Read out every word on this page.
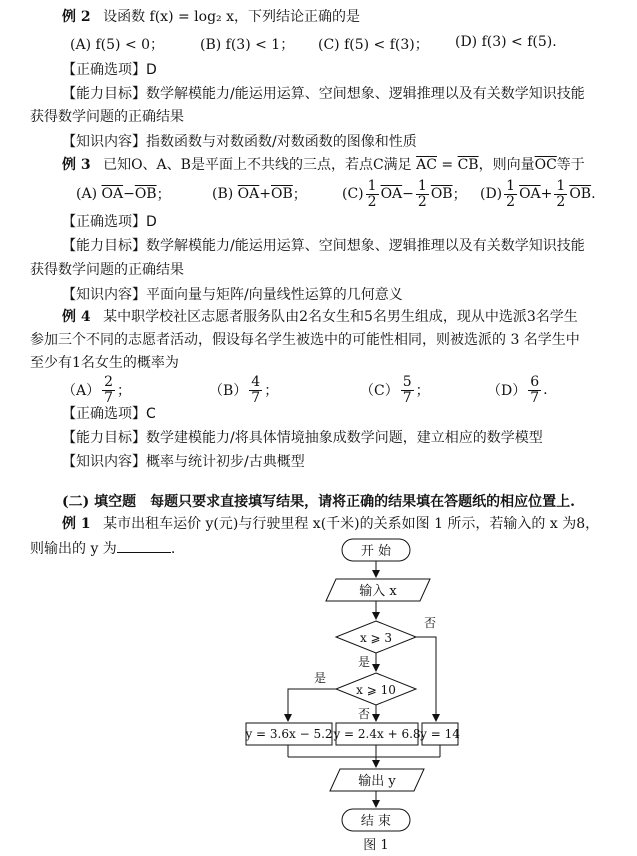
例 2 设函数 f(x) = log₂ x，下列结论正确的是
(A) f(5) < 0；	(B) f(3) < 1； (C) f(5) < f(3)； (D) f(3) < f(5).
【正确选项】D
【能力目标】数学解模能力/能运用运算、空间想象、逻辑推理以及有关数学知识技能
获得数学问题的正确结果
【知识内容】指数函数与对数函数/对数函数的图像和性质
例 3 已知O、A、B是平面上不共线的三点，若点C满足 $\overline{AC} = \overline{CB}$，则向量$\overline{OC}$等于
(A)
$\overline{OA} - \overline{OB}$ ；	(B)
$\overline{OA} + \overline{OB}$ ；	$(C) \frac{1}{2} \overline{OA} - \frac{1}{2} \overline{OB}$ ； $(D) \frac{1}{2} \overline{OA} + \frac{1}{2} \overline{OB}$ .
【正确选项】D
【能力目标】数学解模能力/能运用运算、空间想象、逻辑推理以及有关数学知识技能
获得数学问题的正确结果
【知识内容】平面向量与矩阵/向量线性运算的几何意义
例 4 某中职学校社区志愿者服务队由2名女生和5名男生组成，现从中选派3名学生
参加三个不同的志愿者活动，假设每名学生被选中的可能性相同，则被选派的 3 名学生中
至少有1名女生的概率为
$(A) \frac{2}{7}$ ；	$(B) \frac{4}{7}$ ；	$(C) \frac{5}{7}$ ；	$(D) \frac{6}{7}$ .
【正确选项】C
【能力目标】数学建模能力/将具体情境抽象成数学问题，建立相应的数学模型
【知识内容】概率与统计初步/古典概型
(二) 填空题　每题只要求直接填写结果，请将正确的结果填在答题纸的相应位置上.
例 1 某市出租车运价 y(元)与行驶里程 x(千米)的关系如图 1 所示，若输入的 x 为8，
则输出的 y 为	.	开 始
输入 x
x ⩾ 3
否
是
x ⩾ 10
是
否
y = 3.6x − 5.2 y = 2.4x + 6.8 y = 14
输出 y
结 束
图 1
